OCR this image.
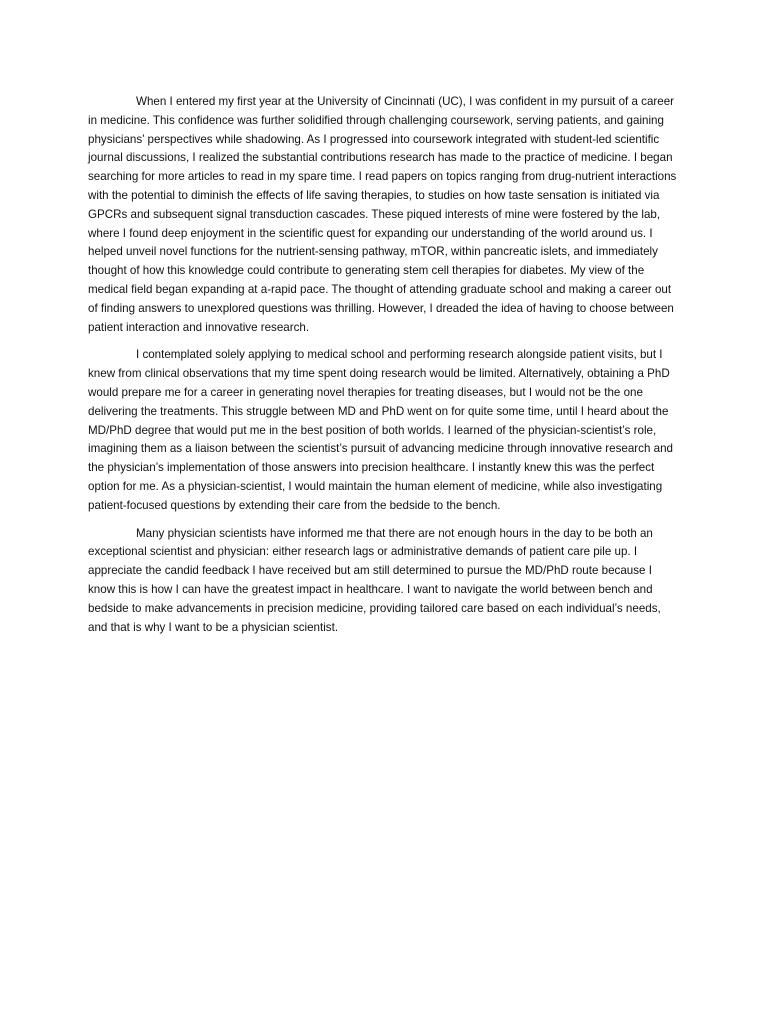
When I entered my first year at the University of Cincinnati (UC), I was confident in my pursuit of a career in medicine. This confidence was further solidified through challenging coursework, serving patients, and gaining physicians’ perspectives while shadowing. As I progressed into coursework integrated with student-led scientific journal discussions, I realized the substantial contributions research has made to the practice of medicine. I began searching for more articles to read in my spare time. I read papers on topics ranging from drug-nutrient interactions with the potential to diminish the effects of life saving therapies, to studies on how taste sensation is initiated via GPCRs and subsequent signal transduction cascades. These piqued interests of mine were fostered by the lab, where I found deep enjoyment in the scientific quest for expanding our understanding of the world around us. I helped unveil novel functions for the nutrient-sensing pathway, mTOR, within pancreatic islets, and immediately thought of how this knowledge could contribute to generating stem cell therapies for diabetes. My view of the medical field began expanding at a-rapid pace. The thought of attending graduate school and making a career out of finding answers to unexplored questions was thrilling. However, I dreaded the idea of having to choose between patient interaction and innovative research.

I contemplated solely applying to medical school and performing research alongside patient visits, but I knew from clinical observations that my time spent doing research would be limited. Alternatively, obtaining a PhD would prepare me for a career in generating novel therapies for treating diseases, but I would not be the one delivering the treatments. This struggle between MD and PhD went on for quite some time, until I heard about the MD/PhD degree that would put me in the best position of both worlds. I learned of the physician-scientist’s role, imagining them as a liaison between the scientist’s pursuit of advancing medicine through innovative research and the physician’s implementation of those answers into precision healthcare. I instantly knew this was the perfect option for me. As a physician-scientist, I would maintain the human element of medicine, while also investigating patient-focused questions by extending their care from the bedside to the bench.

Many physician scientists have informed me that there are not enough hours in the day to be both an exceptional scientist and physician: either research lags or administrative demands of patient care pile up. I appreciate the candid feedback I have received but am still determined to pursue the MD/PhD route because I know this is how I can have the greatest impact in healthcare. I want to navigate the world between bench and bedside to make advancements in precision medicine, providing tailored care based on each individual’s needs, and that is why I want to be a physician scientist.
